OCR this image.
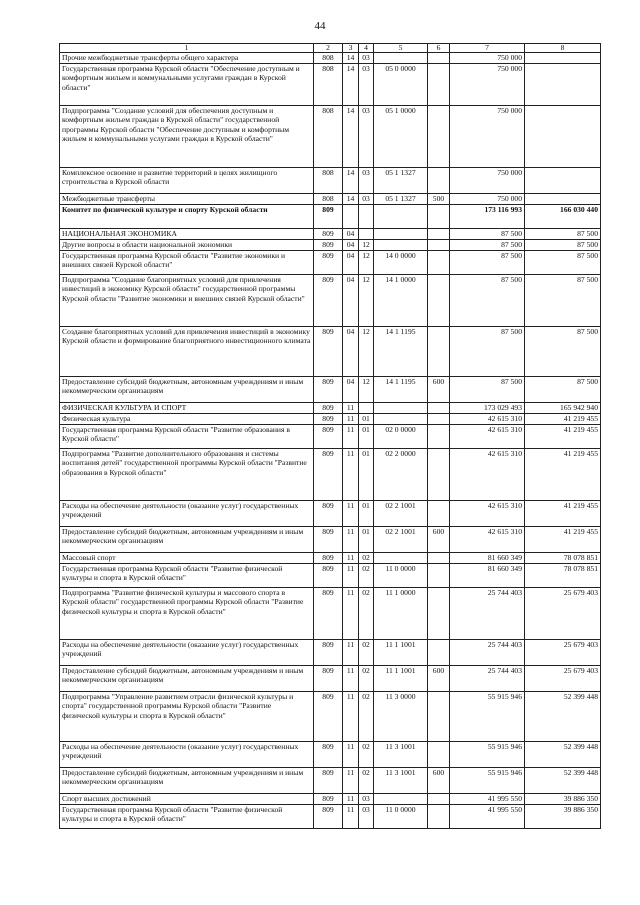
44
1	2	3	4	5	6	7	8
Прочие межбюджетные трансферты общего характера	808	14	03			750 000	
Государственная программа Курской области "Обеспечение доступным и комфортным жильем и коммунальными услугами граждан в Курской области"	808	14	03	05 0 0000		750 000	
Подпрограмма "Создание условий для обеспечения доступным и комфортным жильем граждан в Курской области" государственной программы Курской области "Обеспечение доступным и комфортным жильем и коммунальными услугами граждан в Курской области"	808	14	03	05 1 0000		750 000	
Комплексное освоение и развитие территорий в целях жилищного строительства в Курской области	808	14	03	05 1 1327		750 000	
Межбюджетные трансферты	808	14	03	05 1 1327	500	750 000	
Комитет по физической культуре и спорту Курской области	809					173 116 993	166 030 440
НАЦИОНАЛЬНАЯ ЭКОНОМИКА	809	04				87 500	87 500
Другие вопросы в области национальной экономики	809	04	12			87 500	87 500
Государственная программа Курской области "Развитие экономики и внешних связей Курской области"	809	04	12	14 0 0000		87 500	87 500
Подпрограмма "Создание благоприятных условий для привлечения инвестиций в экономику Курской области" государственной программы Курской области "Развитие экономики и внешних связей Курской области"	809	04	12	14 1 0000		87 500	87 500
Создание благоприятных условий для привлечения инвестиций в экономику Курской области и формирование благоприятного инвестиционного климата	809	04	12	14 1 1195		87 500	87 500
Предоставление субсидий бюджетным, автономным учреждениям и иным некоммерческим организациям	809	04	12	14 1 1195	600	87 500	87 500
ФИЗИЧЕСКАЯ КУЛЬТУРА И СПОРТ	809	11				173 029 493	165 942 940
Физическая культура	809	11	01			42 615 310	41 219 455
Государственная программа Курской области "Развитие образования в Курской области"	809	11	01	02 0 0000		42 615 310	41 219 455
Подпрограмма "Развитие дополнительного образования и системы воспитания детей" государственной программы Курской области "Развитие образования в Курской области"	809	11	01	02 2 0000		42 615 310	41 219 455
Расходы на обеспечение деятельности (оказание услуг) государственных учреждений	809	11	01	02 2 1001		42 615 310	41 219 455
Предоставление субсидий бюджетным, автономным учреждениям и иным некоммерческим организациям	809	11	01	02 2 1001	600	42 615 310	41 219 455
Массовый спорт	809	11	02			81 660 349	78 078 851
Государственная программа Курской области "Развитие физической культуры и спорта в Курской области"	809	11	02	11 0 0000		81 660 349	78 078 851
Подпрограмма "Развитие физической культуры и массового спорта в Курской области" государственной программы Курской области "Развитие физической культуры и спорта в Курской области"	809	11	02	11 1 0000		25 744 403	25 679 403
Расходы на обеспечение деятельности (оказание услуг) государственных учреждений	809	11	02	11 1 1001		25 744 403	25 679 403
Предоставление субсидий бюджетным, автономным учреждениям и иным некоммерческим организациям	809	11	02	11 1 1001	600	25 744 403	25 679 403
Подпрограмма "Управление развитием отрасли физической культуры и спорта" государственной программы Курской области "Развитие физической культуры и спорта в Курской области"	809	11	02	11 3 0000		55 915 946	52 399 448
Расходы на обеспечение деятельности (оказание услуг) государственных учреждений	809	11	02	11 3 1001		55 915 946	52 399 448
Предоставление субсидий бюджетным, автономным учреждениям и иным некоммерческим организациям	809	11	02	11 3 1001	600	55 915 946	52 399 448
Спорт высших достижений	809	11	03			41 995 550	39 886 350
Государственная программа Курской области "Развитие физической культуры и спорта в Курской области"	809	11	03	11 0 0000		41 995 550	39 886 350
